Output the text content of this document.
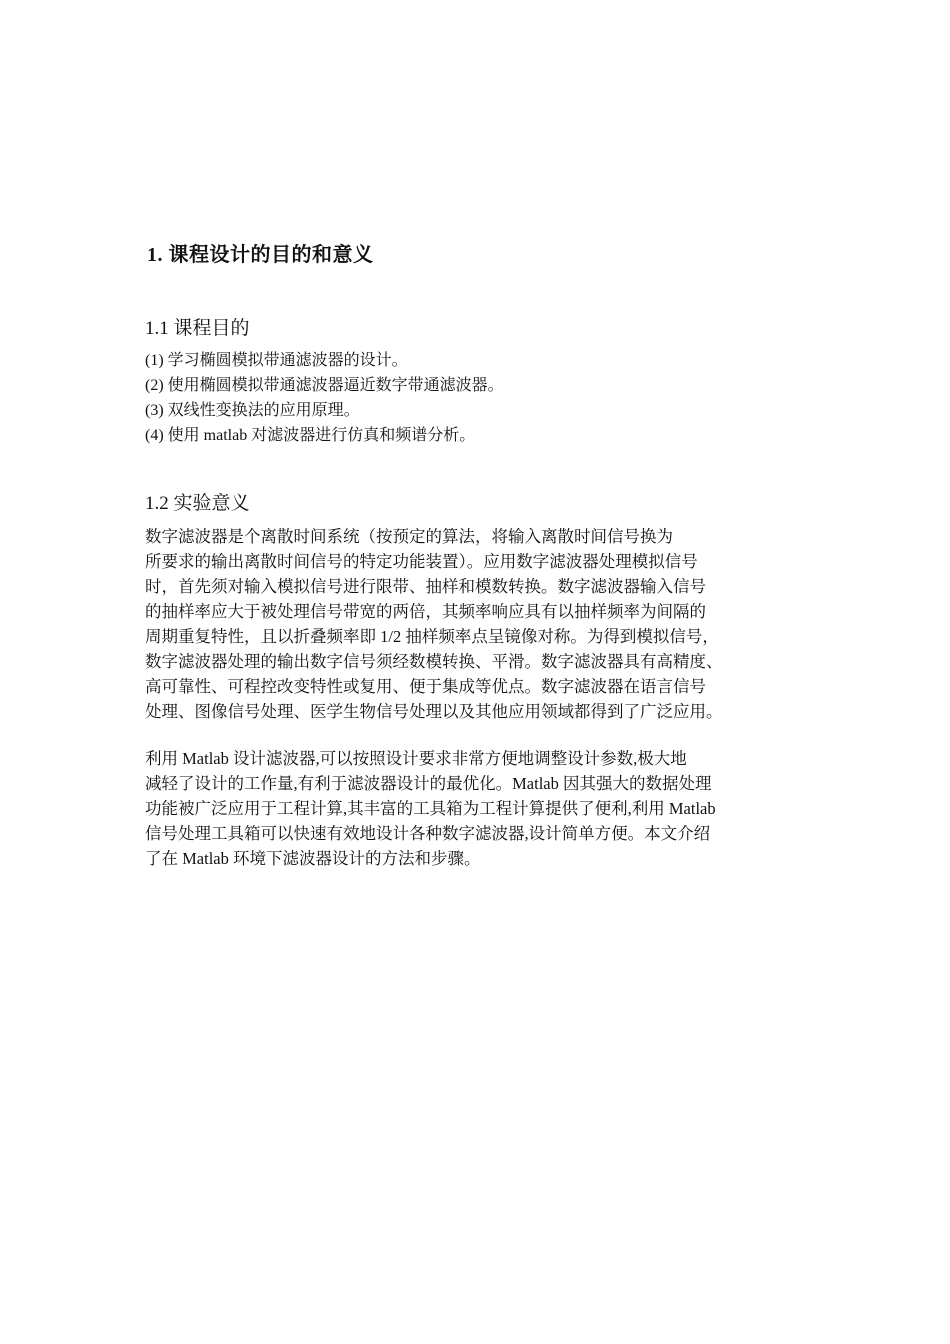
1. 课程设计的目的和意义
1.1 课程目的
(1) 学习椭圆模拟带通滤波器的设计。
(2) 使用椭圆模拟带通滤波器逼近数字带通滤波器。
(3) 双线性变换法的应用原理。
(4) 使用 matlab 对滤波器进行仿真和频谱分析。
1.2 实验意义

数字滤波器是个离散时间系统（按预定的算法，将输入离散时间信号换为
所要求的输出离散时间信号的特定功能装置）。应用数字滤波器处理模拟信号
时，首先须对输入模拟信号进行限带、抽样和模数转换。数字滤波器输入信号
的抽样率应大于被处理信号带宽的两倍，其频率响应具有以抽样频率为间隔的
周期重复特性，且以折叠频率即 1/2 抽样频率点呈镜像对称。为得到模拟信号，
数字滤波器处理的输出数字信号须经数模转换、平滑。数字滤波器具有高精度、
高可靠性、可程控改变特性或复用、便于集成等优点。数字滤波器在语言信号
处理、图像信号处理、医学生物信号处理以及其他应用领域都得到了广泛应用。

利用 Matlab 设计滤波器,可以按照设计要求非常方便地调整设计参数,极大地
减轻了设计的工作量,有利于滤波器设计的最优化。Matlab 因其强大的数据处理
功能被广泛应用于工程计算,其丰富的工具箱为工程计算提供了便利,利用 Matlab
信号处理工具箱可以快速有效地设计各种数字滤波器,设计简单方便。本文介绍
了在 Matlab 环境下滤波器设计的方法和步骤。
